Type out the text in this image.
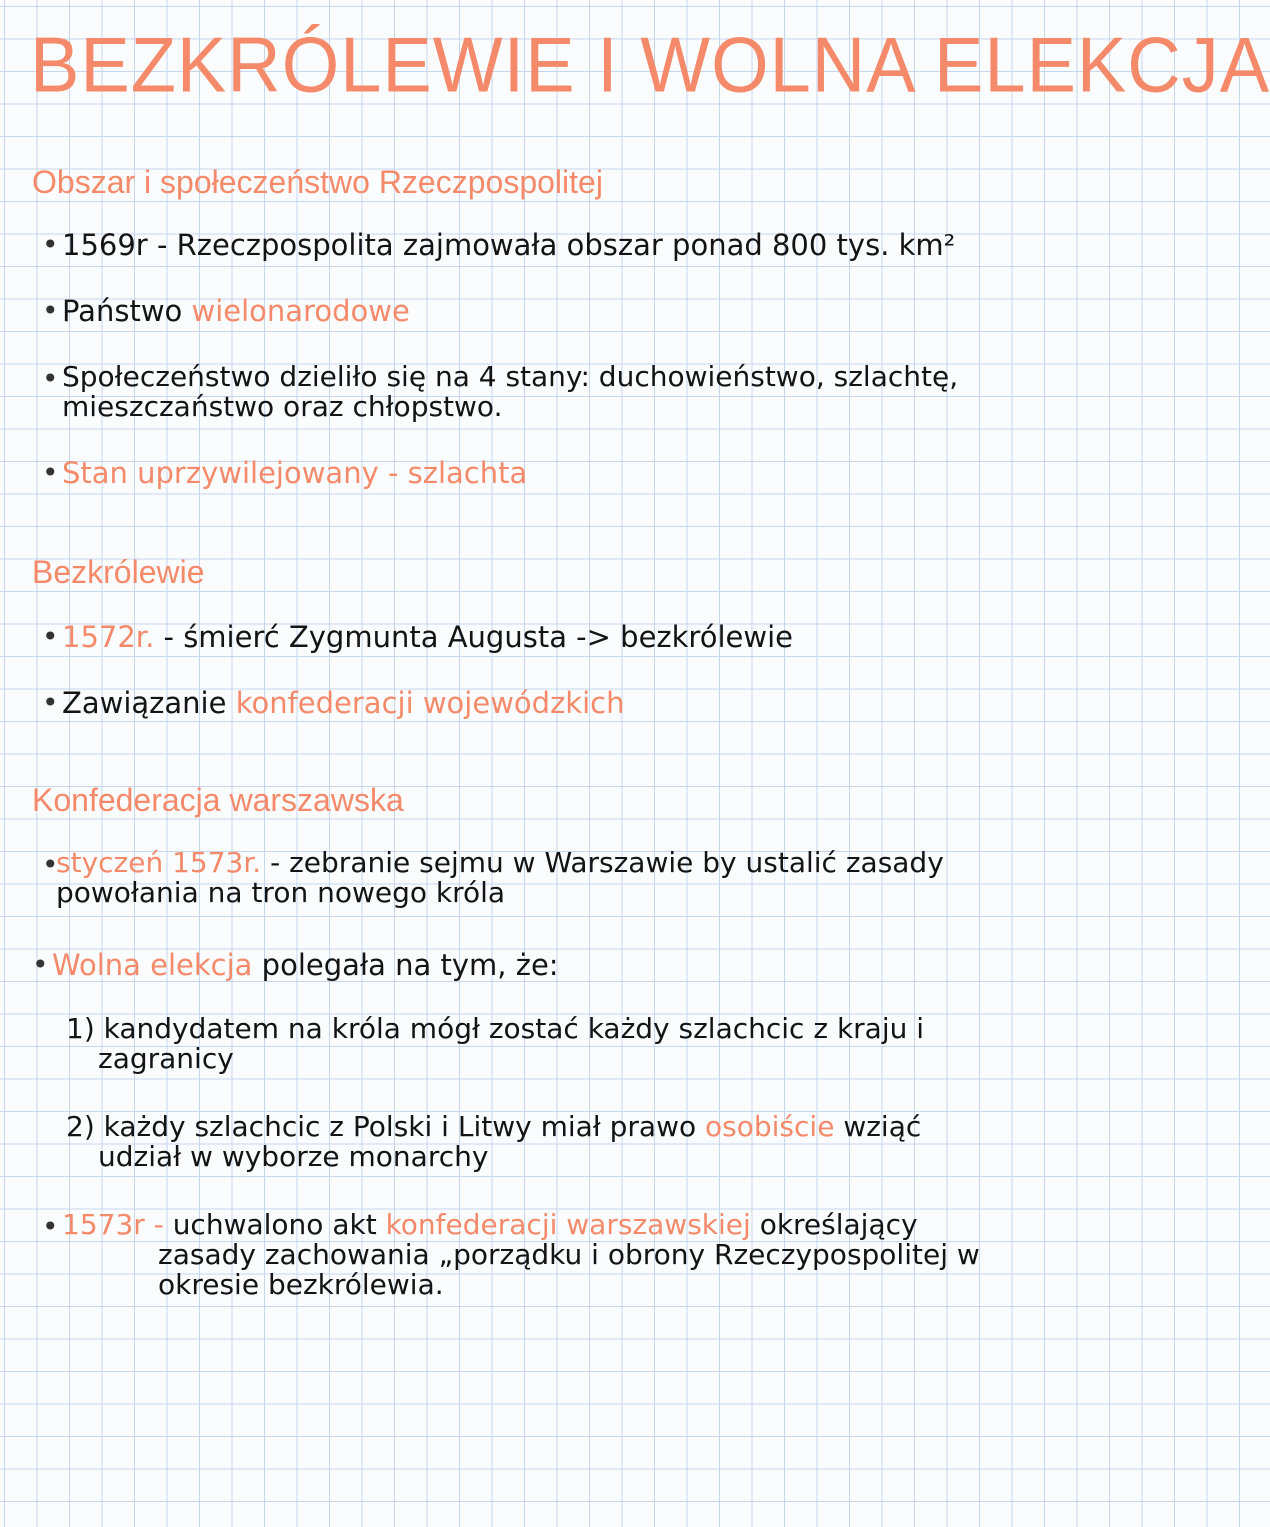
BEZKRÓLEWIE I WOLNA ELEKCJA
Obszar i społeczeństwo Rzeczpospolitej
• 1569r - Rzeczpospolita zajmowała obszar ponad 800 tys. km²
• Państwo wielonarodowe
• Społeczeństwo dzieliło się na 4 stany: duchowieństwo, szlachtę,
mieszczaństwo oraz chłopstwo.
• Stan uprzywilejowany - szlachta
Bezkrólewie
• 1572r. - śmierć Zygmunta Augusta -> bezkrólewie
• Zawiązanie konfederacji wojewódzkich
Konfederacja warszawska
•
styczeń 1573r. - zebranie sejmu w Warszawie by ustalić zasady
powołania na tron nowego króla
• Wolna elekcja polegała na tym, że:
1) kandydatem na króla mógł zostać każdy szlachcic z kraju i
zagranicy
2) każdy szlachcic z Polski i Litwy miał prawo osobiście wziąć
udział w wyborze monarchy
• 1573r - uchwalono akt konfederacji warszawskiej określający
zasady zachowania „porządku i obrony Rzeczypospolitej w
okresie bezkrólewia.
